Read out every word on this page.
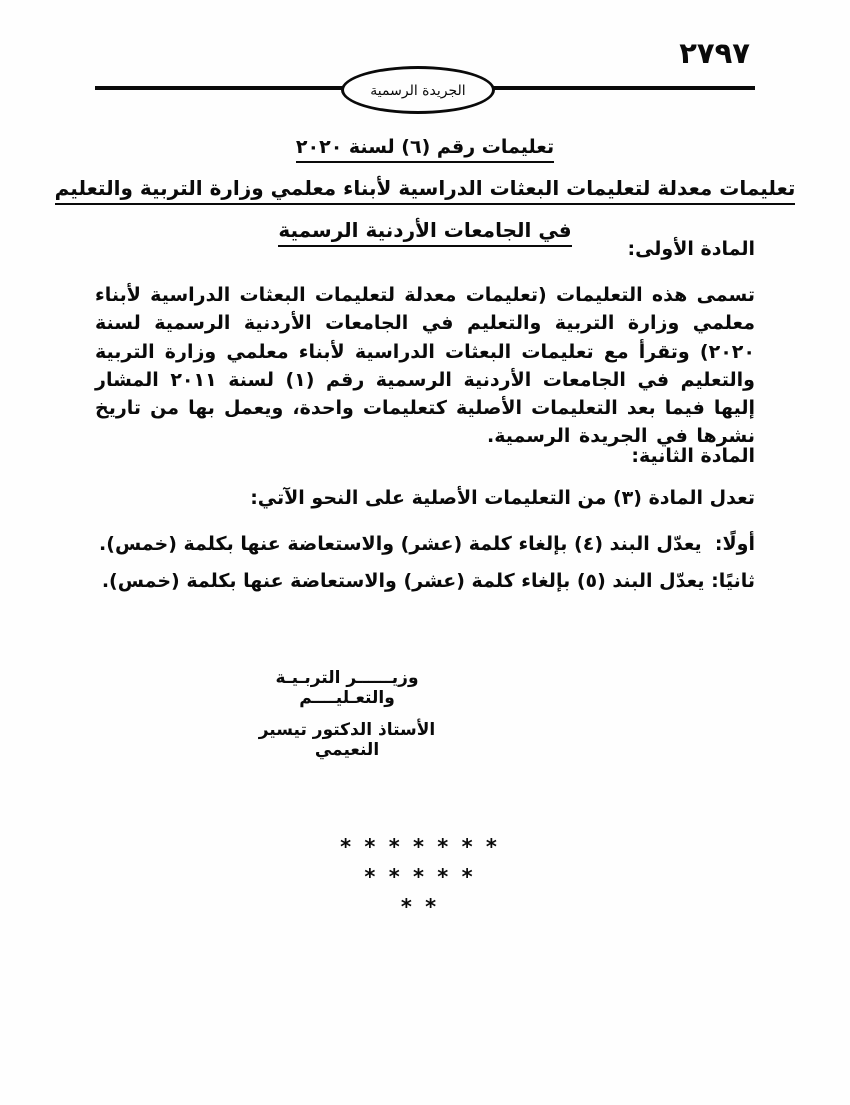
٢٧٩٧
الجريدة الرسمية
تعليمات رقم (٦) لسنة ٢٠٢٠
تعليمات معدلة لتعليمات البعثات الدراسية لأبناء معلمي وزارة التربية والتعليم
في الجامعات الأردنية الرسمية
المادة الأولى:
تسمى هذه التعليمات (تعليمات معدلة لتعليمات البعثات الدراسية لأبناء معلمي وزارة التربية والتعليم في الجامعات الأردنية الرسمية لسنة ٢٠٢٠) وتقرأ مع تعليمات البعثات الدراسية لأبناء معلمي وزارة التربية والتعليم في الجامعات الأردنية الرسمية رقم (١) لسنة ٢٠١١ المشار إليها فيما بعد التعليمات الأصلية كتعليمات واحدة، ويعمل بها من تاريخ نشرها في الجريدة الرسمية.
المادة الثانية:
تعدل المادة (٣) من التعليمات الأصلية على النحو الآتي:
أولًا:  يعدّل البند (٤) بإلغاء كلمة (عشر) والاستعاضة عنها بكلمة (خمس).
ثانيًا: يعدّل البند (٥) بإلغاء كلمة (عشر) والاستعاضة عنها بكلمة (خمس).
وزيــــــر التربـيـة والتعـليــــم
الأستاذ الدكتور تيسير النعيمي
* * * * * * *
* * * * *
* *
